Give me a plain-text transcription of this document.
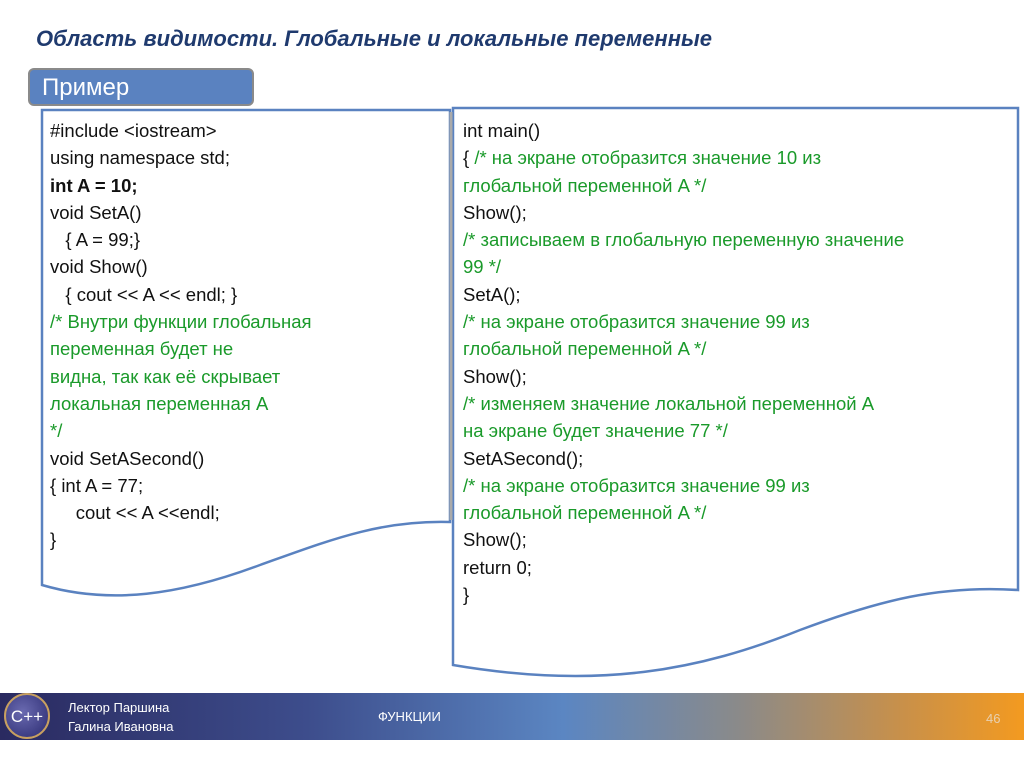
Область видимости. Глобальные и локальные переменные
Пример
#include <iostream>
using namespace std;
int A = 10;
void SetA()
{ A = 99;}
void Show()
{ cout << A << endl; }
/* Внутри функции глобальная
переменная будет не
видна, так как её скрывает
локальная переменная A
*/
void SetASecond()
{ int A = 77;
cout << A <<endl;
}
int main()
{ /* на экране отобразится значение 10 из
глобальной переменной A */
Show();
/* записываем в глобальную переменную значение
99 */
SetA();
/* на экране отобразится значение 99 из
глобальной переменной A */
Show();
/* изменяем значение локальной переменной A
на экране будет значение 77 */
SetASecond();
/* на экране отобразится значение 99 из
глобальной переменной A */
Show();
return 0;
}
C++	Лектор Паршина
Галина Ивановна
ФУНКЦИИ	46
